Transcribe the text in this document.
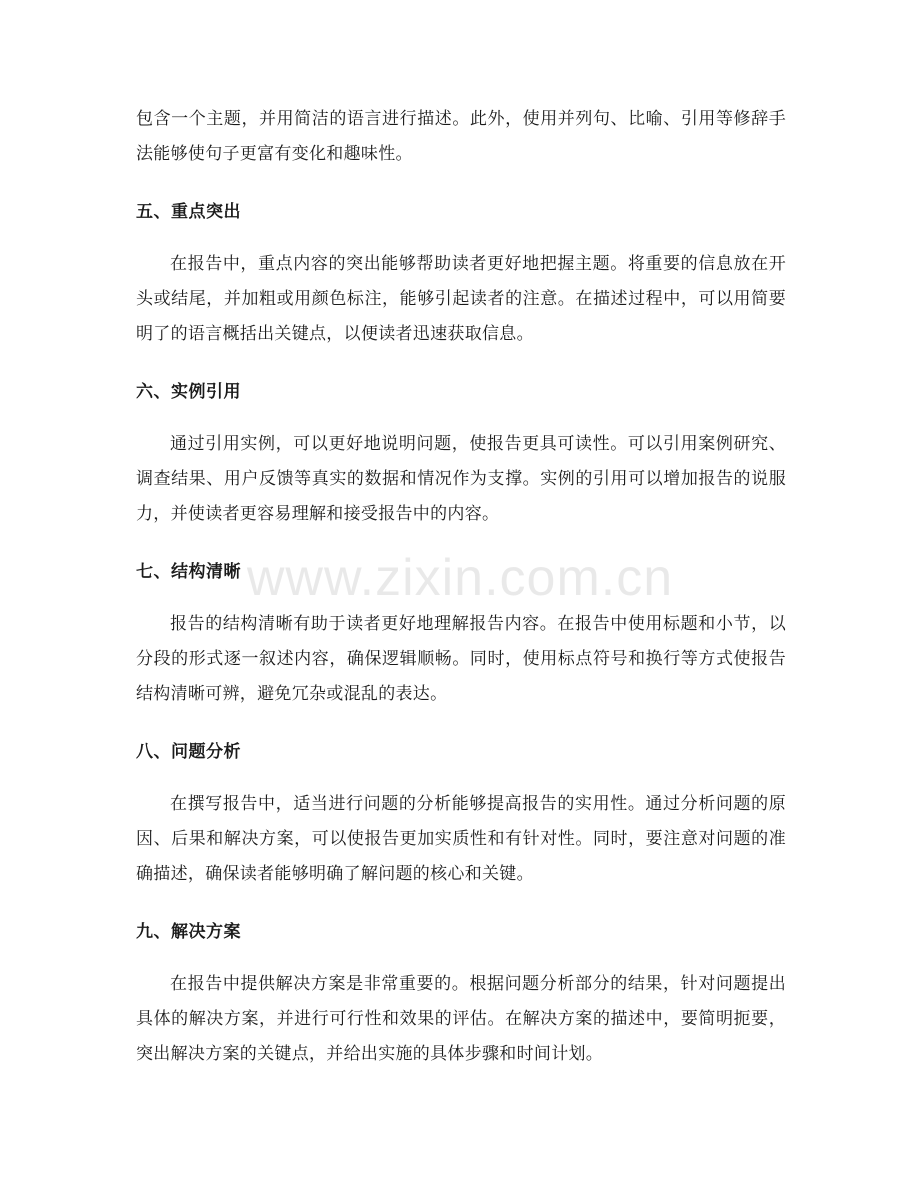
www.zixin.com.cn

包含一个主题，并用简洁的语言进行描述。此外，使用并列句、比喻、引用等修辞手法能够使句子更富有变化和趣味性。

五、重点突出

在报告中，重点内容的突出能够帮助读者更好地把握主题。将重要的信息放在开头或结尾，并加粗或用颜色标注，能够引起读者的注意。在描述过程中，可以用简要明了的语言概括出关键点，以便读者迅速获取信息。

六、实例引用

通过引用实例，可以更好地说明问题，使报告更具可读性。可以引用案例研究、调查结果、用户反馈等真实的数据和情况作为支撑。实例的引用可以增加报告的说服力，并使读者更容易理解和接受报告中的内容。

七、结构清晰

报告的结构清晰有助于读者更好地理解报告内容。在报告中使用标题和小节，以分段的形式逐一叙述内容，确保逻辑顺畅。同时，使用标点符号和换行等方式使报告结构清晰可辨，避免冗杂或混乱的表达。

八、问题分析

在撰写报告中，适当进行问题的分析能够提高报告的实用性。通过分析问题的原因、后果和解决方案，可以使报告更加实质性和有针对性。同时，要注意对问题的准确描述，确保读者能够明确了解问题的核心和关键。

九、解决方案

在报告中提供解决方案是非常重要的。根据问题分析部分的结果，针对问题提出具体的解决方案，并进行可行性和效果的评估。在解决方案的描述中，要简明扼要，突出解决方案的关键点，并给出实施的具体步骤和时间计划。
